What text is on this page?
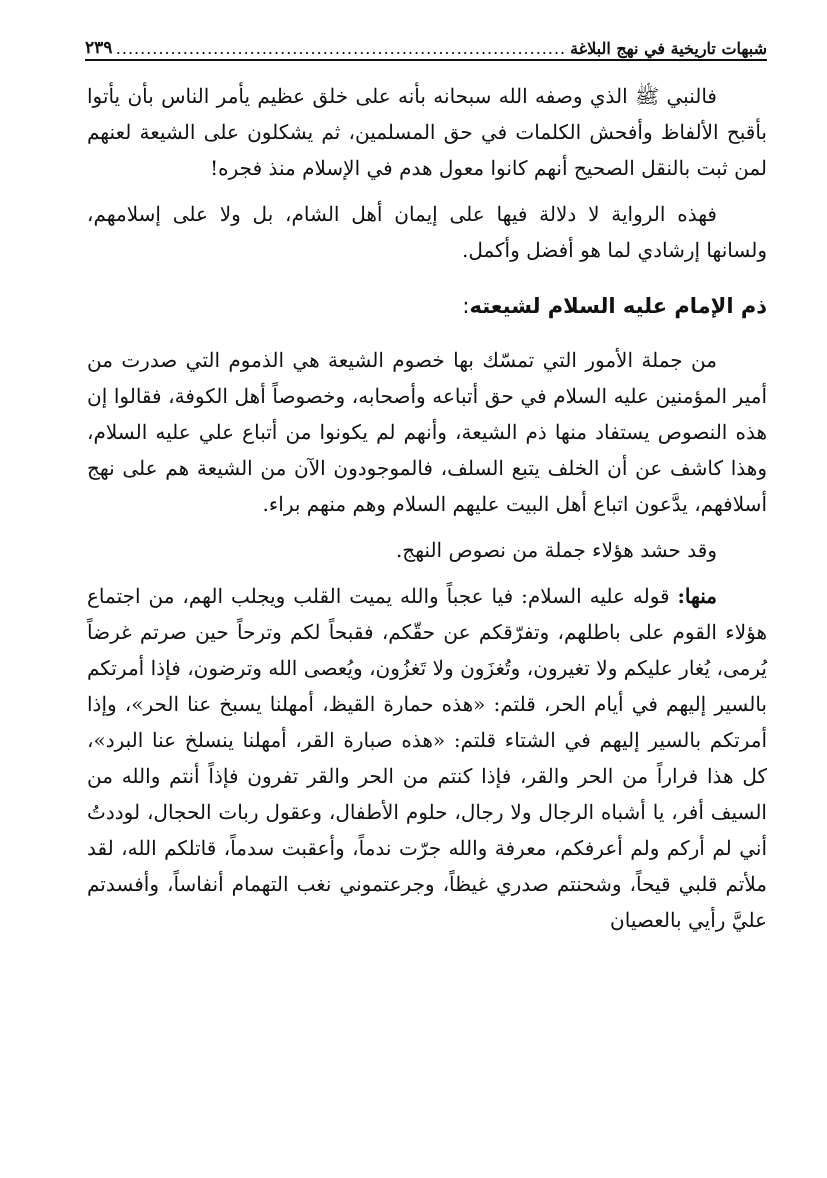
شبهات تاريخية في نهج البلاغة
.....
٢٣٩

فالنبي ﷺ الذي وصفه الله سبحانه بأنه على خلق عظيم يأمر الناس بأن يأتوا بأقبح الألفاظ وأفحش الكلمات في حق المسلمين، ثم يشكلون على الشيعة لعنهم لمن ثبت بالنقل الصحيح أنهم كانوا معول هدم في الإسلام منذ فجره!

فهذه الرواية لا دلالة فيها على إيمان أهل الشام، بل ولا على إسلامهم، ولسانها إرشادي لما هو أفضل وأكمل.

ذم الإمام عليه السلام لشيعته:

من جملة الأمور التي تمسّك بها خصوم الشيعة هي الذموم التي صدرت من أمير المؤمنين عليه السلام في حق أتباعه وأصحابه، وخصوصاً أهل الكوفة، فقالوا إن هذه النصوص يستفاد منها ذم الشيعة، وأنهم لم يكونوا من أتباع علي عليه السلام، وهذا كاشف عن أن الخلف يتبع السلف، فالموجودون الآن من الشيعة هم على نهج أسلافهم، يدَّعون اتباع أهل البيت عليهم السلام وهم منهم براء.

وقد حشد هؤلاء جملة من نصوص النهج.

منها: قوله عليه السلام: فيا عجباً والله يميت القلب ويجلب الهم، من اجتماع هؤلاء القوم على باطلهم، وتفرّقكم عن حقّكم، فقبحاً لكم وترحاً حين صرتم غرضاً يُرمى، يُغار عليكم ولا تغيرون، وتُغزَون ولا تَغزُون، ويُعصى الله وترضون، فإذا أمرتكم بالسير إليهم في أيام الحر، قلتم: «هذه حمارة القيظ، أمهلنا يسبخ عنا الحر»، وإذا أمرتكم بالسير إليهم في الشتاء قلتم: «هذه صبارة القر، أمهلنا ينسلخ عنا البرد»، كل هذا فراراً من الحر والقر، فإذا كنتم من الحر والقر تفرون فإذاً أنتم والله من السيف أفر، يا أشباه الرجال ولا رجال، حلوم الأطفال، وعقول ربات الحجال، لوددتُ أني لم أركم ولم أعرفكم، معرفة والله جرّت ندماً، وأعقبت سدماً، قاتلكم الله، لقد ملأتم قلبي قيحاً، وشحنتم صدري غيظاً، وجرعتموني نغب التهمام أنفاساً، وأفسدتم عليَّ رأيي بالعصيان
